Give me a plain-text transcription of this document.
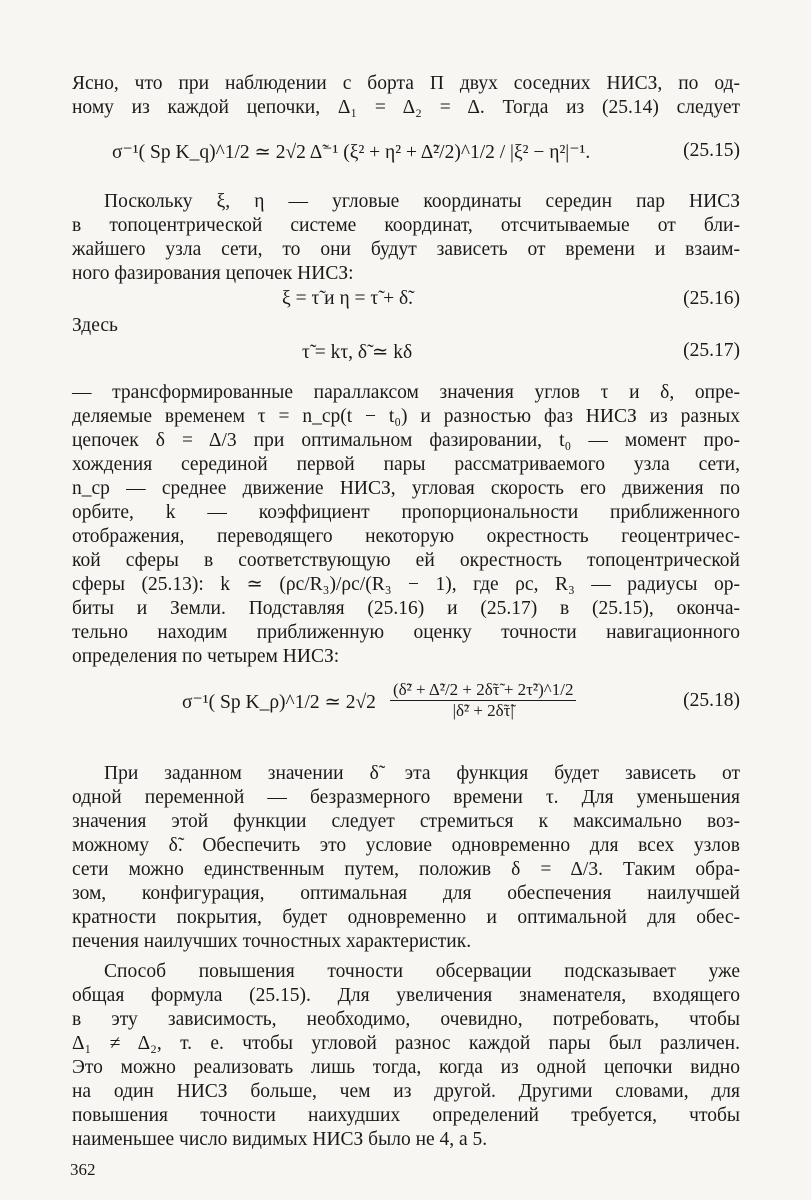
Ясно, что при наблюдении с борта П двух соседних НИСЗ, по од-
ному из каждой цепочки, Δ₁ = Δ₂ = Δ. Тогда из (25.14) следует
σ⁻¹( Sp K_q)^1/2 ≃ 2√2 Δ̃⁻¹ (ξ² + η² + Δ̃²/2)^1/2 / |ξ² − η²|⁻¹.	(25.15)
Поскольку ξ, η — угловые координаты середин пар НИСЗ
в топоцентрической системе координат, отсчитываемые от бли-
жайшего узла сети, то они будут зависеть от времени и взаим-
ного фазирования цепочек НИСЗ:
ξ = τ̃ и η = τ̃ + δ̃.	(25.16)
Здесь
τ̃ = kτ, δ̃ ≃ kδ	(25.17)
— трансформированные параллаксом значения углов τ и δ, опре-
деляемые временем τ = n_ср(t − t₀) и разностью фаз НИСЗ из разных
цепочек δ = Δ/3 при оптимальном фазировании, t₀ — момент про-
хождения серединой первой пары рассматриваемого узла сети,
n_ср — среднее движение НИСЗ, угловая скорость его движения по
орбите, k — коэффициент пропорциональности приближенного
отображения, переводящего некоторую окрестность геоцентричес-
кой сферы в соответствующую ей окрестность топоцентрической
сферы (25.13): k ≃ (ρc/R₃)/ρc/(R₃ − 1), где ρc, R₃ — радиусы ор-
биты и Земли. Подставляя (25.16) и (25.17) в (25.15), оконча-
тельно находим приближенную оценку точности навигационного
определения по четырем НИСЗ:
σ⁻¹( Sp K_ρ)^1/2 ≃ $2√2 \frac{\text{(δ̃² + Δ̃²/2 + 2δ̃τ̃ + 2τ̃²)\textasciicircum{}1/2}}{\text{|δ̃² + 2δ̃τ̃|}}$	(25.18)
При заданном значении δ̃ эта функция будет зависеть от
одной переменной — безразмерного времени τ. Для уменьшения
значения этой функции следует стремиться к максимально воз-
можному δ̃. Обеспечить это условие одновременно для всех узлов
сети можно единственным путем, положив δ = Δ/3. Таким обра-
зом, конфигурация, оптимальная для обеспечения наилучшей
кратности покрытия, будет одновременно и оптимальной для обес-
печения наилучших точностных характеристик.
Способ повышения точности обсервации подсказывает уже
общая формула (25.15). Для увеличения знаменателя, входящего
в эту зависимость, необходимо, очевидно, потребовать, чтобы
Δ₁ ≠ Δ₂, т. е. чтобы угловой разнос каждой пары был различен.
Это можно реализовать лишь тогда, когда из одной цепочки видно
на один НИСЗ больше, чем из другой. Другими словами, для
повышения точности наихудших определений требуется, чтобы
наименьшее число видимых НИСЗ было не 4, а 5.
362
